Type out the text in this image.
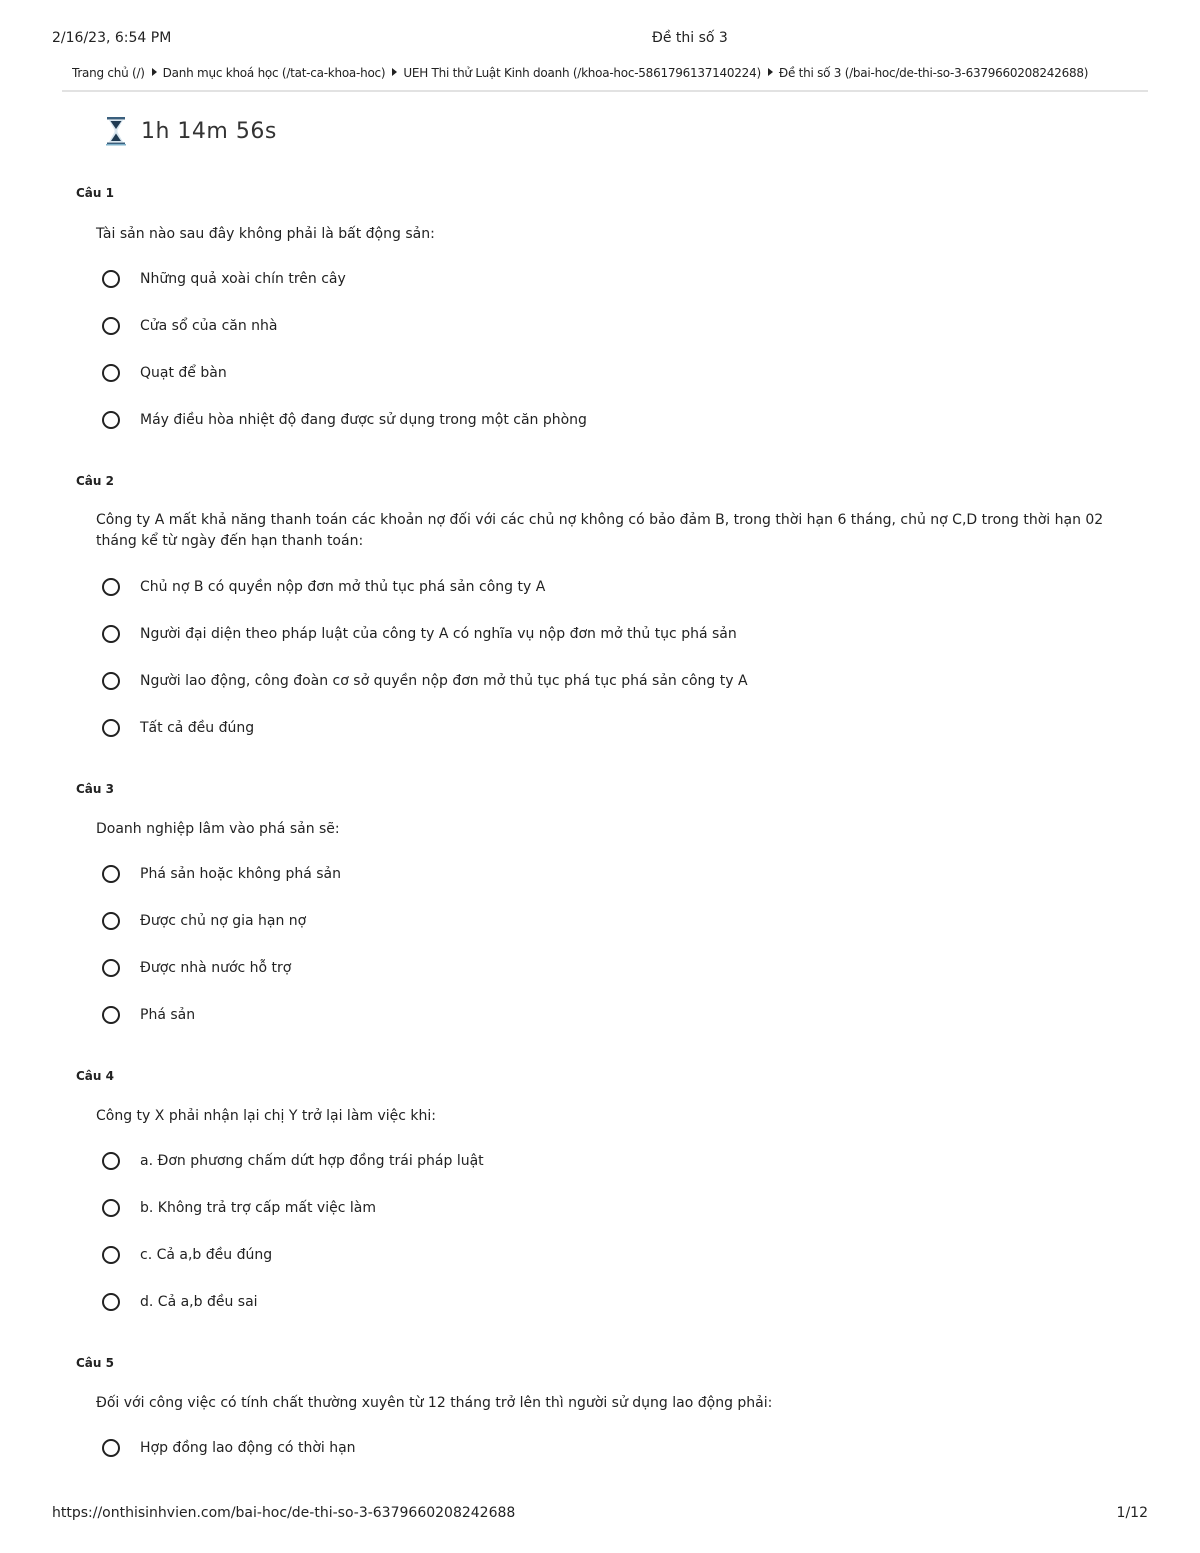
2/16/23, 6:54 PM	Đề thi số 3
Trang chủ (/) Danh mục khoá học (/tat-ca-khoa-hoc) UEH Thi thử Luật Kinh doanh (/khoa-hoc-5861796137140224) Đề thi số 3 (/bai-hoc/de-thi-so-3-6379660208242688)
1h 14m 56s
Câu 1
Tài sản nào sau đây không phải là bất động sản:
Những quả xoài chín trên cây
Cửa sổ của căn nhà
Quạt để bàn
Máy điều hòa nhiệt độ đang được sử dụng trong một căn phòng
Câu 2
Công ty A mất khả năng thanh toán các khoản nợ đối với các chủ nợ không có bảo đảm B, trong thời hạn 6 tháng, chủ nợ C,D trong thời hạn 02 tháng kể từ ngày đến hạn thanh toán:
Chủ nợ B có quyền nộp đơn mở thủ tục phá sản công ty A
Người đại diện theo pháp luật của công ty A có nghĩa vụ nộp đơn mở thủ tục phá sản
Người lao động, công đoàn cơ sở quyền nộp đơn mở thủ tục phá tục phá sản công ty A
Tất cả đều đúng
Câu 3
Doanh nghiệp lâm vào phá sản sẽ:
Phá sản hoặc không phá sản
Được chủ nợ gia hạn nợ
Được nhà nước hỗ trợ
Phá sản
Câu 4
Công ty X phải nhận lại chị Y trở lại làm việc khi:
a. Đơn phương chấm dứt hợp đồng trái pháp luật
b. Không trả trợ cấp mất việc làm
c. Cả a,b đều đúng
d. Cả a,b đều sai
Câu 5
Đối với công việc có tính chất thường xuyên từ 12 tháng trở lên thì người sử dụng lao động phải:
Hợp đồng lao động có thời hạn
https://onthisinhvien.com/bai-hoc/de-thi-so-3-6379660208242688	1/12
